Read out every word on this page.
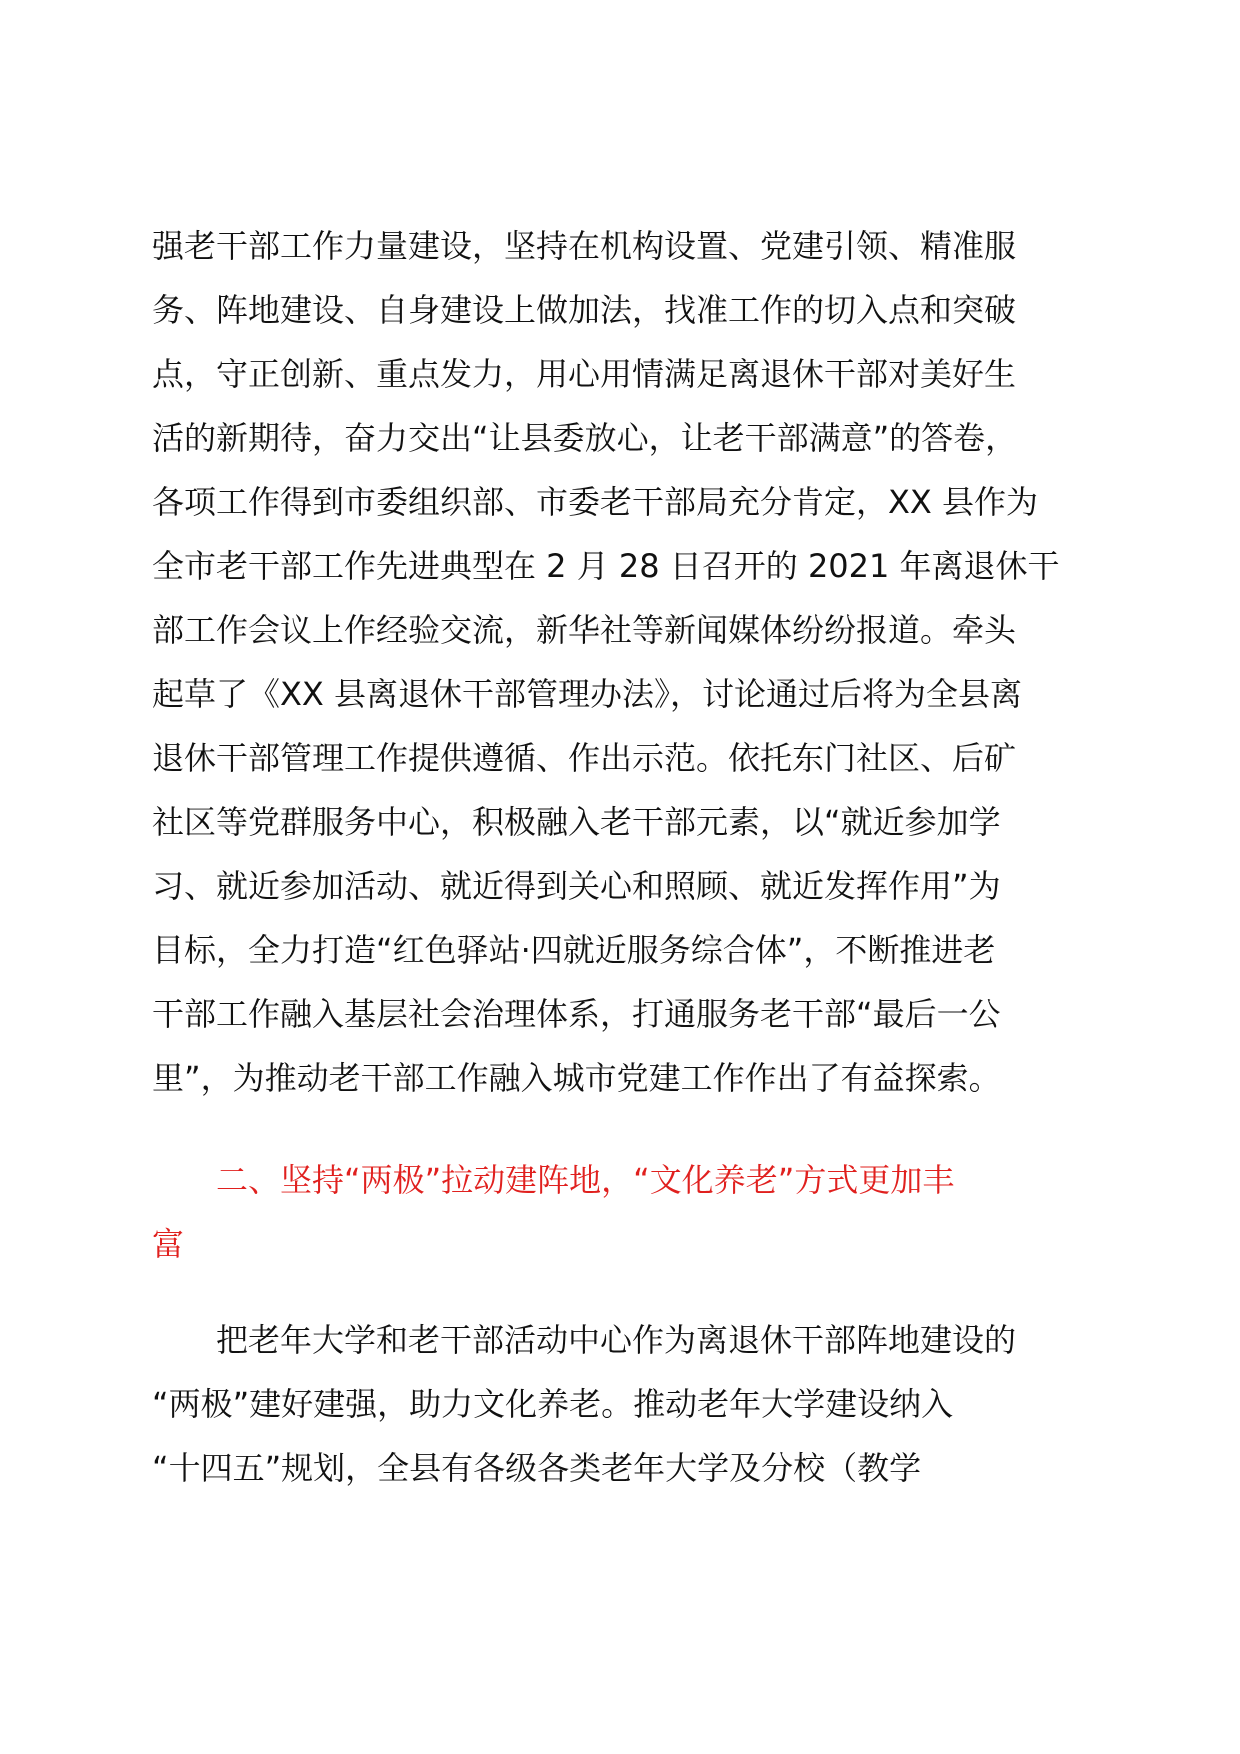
强老干部工作力量建设，坚持在机构设置、党建引领、精准服
务、阵地建设、自身建设上做加法，找准工作的切入点和突破
点，守正创新、重点发力，用心用情满足离退休干部对美好生
活的新期待，奋力交出“让县委放心，让老干部满意”的答卷，
各项工作得到市委组织部、市委老干部局充分肯定，XX 县作为
全市老干部工作先进典型在 2 月 28 日召开的 2021 年离退休干
部工作会议上作经验交流，新华社等新闻媒体纷纷报道。牵头
起草了《XX 县离退休干部管理办法》，讨论通过后将为全县离
退休干部管理工作提供遵循、作出示范。依托东门社区、后矿
社区等党群服务中心，积极融入老干部元素，以“就近参加学
习、就近参加活动、就近得到关心和照顾、就近发挥作用”为
目标，全力打造“红色驿站·四就近服务综合体”，不断推进老
干部工作融入基层社会治理体系，打通服务老干部“最后一公
里”，为推动老干部工作融入城市党建工作作出了有益探索。
二、坚持“两极”拉动建阵地，“文化养老”方式更加丰
富
把老年大学和老干部活动中心作为离退休干部阵地建设的
“两极”建好建强，助力文化养老。推动老年大学建设纳入
“十四五”规划，全县有各级各类老年大学及分校（教学
